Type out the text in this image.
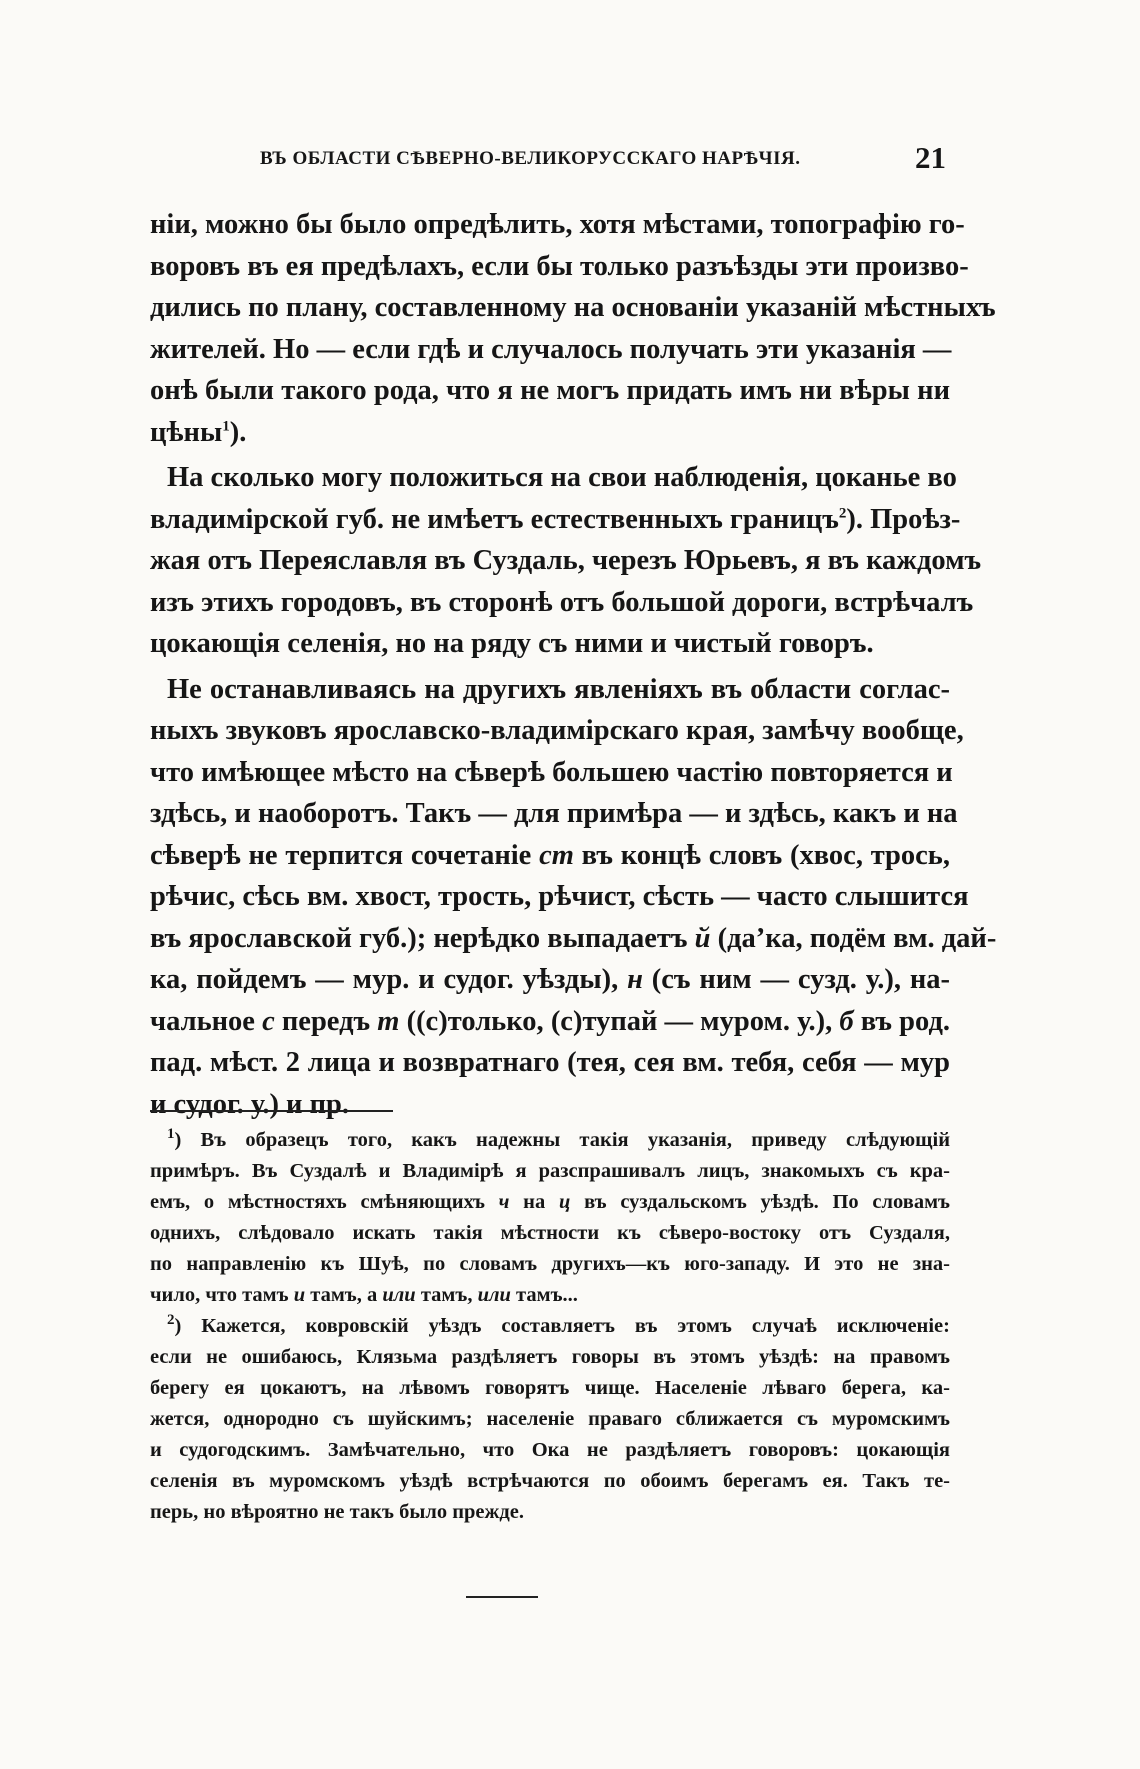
ВЪ ОБЛАСТИ СѢВЕРНО-ВЕЛИКОРУССКАГО НАРѢЧІЯ.	21
ніи, можно бы было опредѣлить, хотя мѣстами, топографію го-
воровъ въ ея предѣлахъ, если бы только разъѣзды эти произво-
дились по плану, составленному на основаніи указаній мѣстныхъ
жителей. Но — если гдѣ и случалось получать эти указанія —
онѣ были такого рода, что я не могъ придать имъ ни вѣры ни
цѣны$^1$).
На сколько могу положиться на свои наблюденія, цоканье во
владимірской губ. не имѣетъ естественныхъ границъ$^2$). Проѣз-
жая отъ Переяславля въ Суздаль, черезъ Юрьевъ, я въ каждомъ
изъ этихъ городовъ, въ сторонѣ отъ большой дороги, встрѣчалъ
цокающія селенія, но на ряду съ ними и чистый говоръ.
Не останавливаясь на другихъ явленіяхъ въ области соглас-
ныхъ звуковъ ярославско-владимірскаго края, замѣчу вообще,
что имѣющее мѣсто на сѣверѣ большею частію повторяется и
здѣсь, и наоборотъ. Такъ — для примѣра — и здѣсь, какъ и на
сѣверѣ не терпится сочетаніе ст въ концѣ словъ (хвос, трось,
рѣчис, сѣсь вм. хвост, трость, рѣчист, сѣсть — часто слышится
въ ярославской губ.); нерѣдко выпадаетъ й (да’ка, подём вм. дай-
ка, пойдемъ — мур. и судог. уѣзды), н (съ ним — сузд. у.), на-
чальное с передъ т ((с)только, (с)тупай — муром. у.), б въ род.
пад. мѣст. 2 лица и возвратнаго (тея, сея вм. тебя, себя — мур
и судог. у.) и пр.
$^1$) Въ образецъ того, какъ надежны такія указанія, приведу слѣдующій
примѣръ. Въ Суздалѣ и Владимірѣ я разспрашивалъ лицъ, знакомыхъ съ кра-
емъ, о мѣстностяхъ смѣняющихъ ч на ц въ суздальскомъ уѣздѣ. По словамъ
однихъ, слѣдовало искать такія мѣстности къ сѣверо-востоку отъ Суздаля,
по направленію къ Шуѣ, по словамъ другихъ—къ юго-западу. И это не зна-
чило, что тамъ и тамъ, а или тамъ, или тамъ...
$^2$) Кажется, ковровскій уѣздъ составляетъ въ этомъ случаѣ исключеніе:
если не ошибаюсь, Клязьма раздѣляетъ говоры въ этомъ уѣздѣ: на правомъ
берегу ея цокаютъ, на лѣвомъ говорятъ чище. Населеніе лѣваго берега, ка-
жется, однородно съ шуйскимъ; населеніе праваго сближается съ муромскимъ
и судогодскимъ. Замѣчательно, что Ока не раздѣляетъ говоровъ: цокающія
селенія въ муромскомъ уѣздѣ встрѣчаются по обоимъ берегамъ ея. Такъ те-
перь, но вѣроятно не такъ было прежде.
